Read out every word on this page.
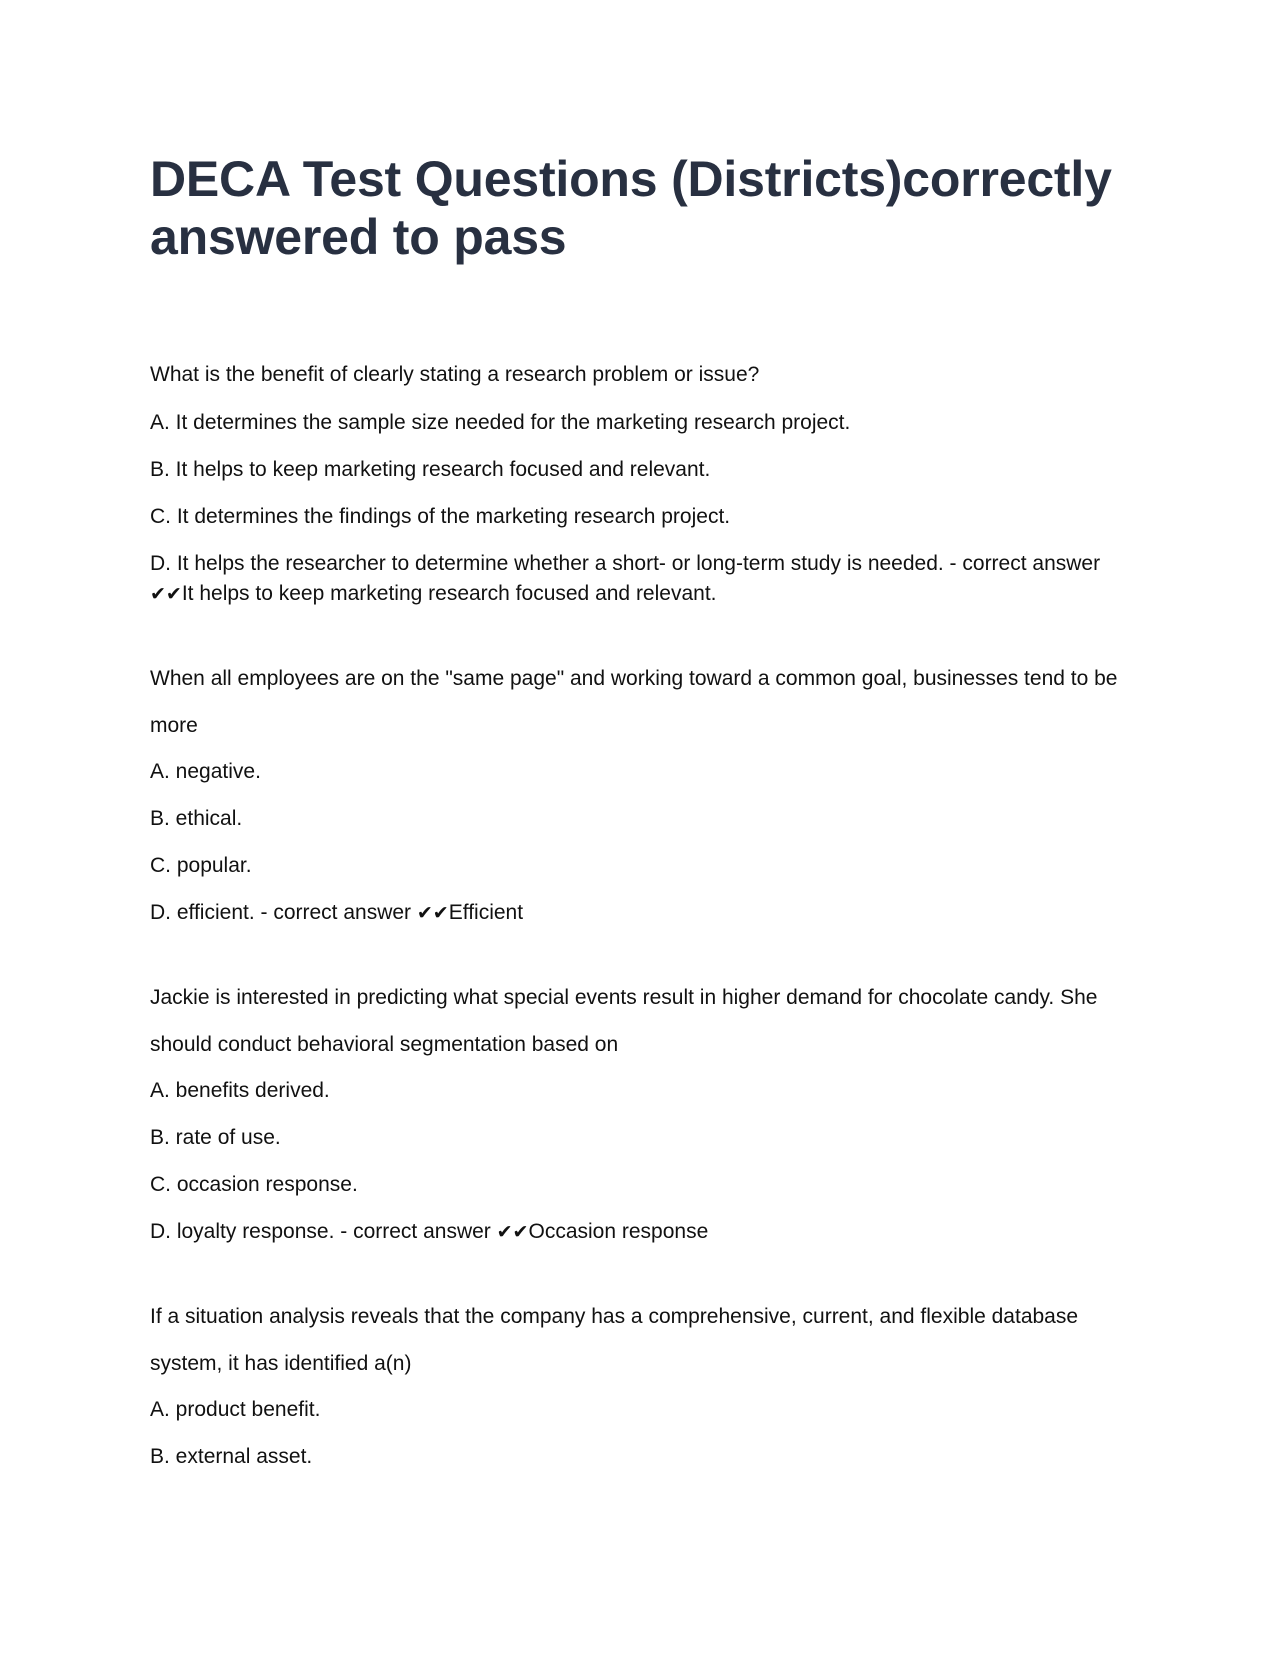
DECA Test Questions (Districts)correctly answered to pass

What is the benefit of clearly stating a research problem or issue?

A. It determines the sample size needed for the marketing research project.

B. It helps to keep marketing research focused and relevant.

C. It determines the findings of the marketing research project.

D. It helps the researcher to determine whether a short- or long-term study is needed. - correct answer ✔✔It helps to keep marketing research focused and relevant.

When all employees are on the "same page" and working toward a common goal, businesses tend to be more

A. negative.

B. ethical.

C. popular.

D. efficient. - correct answer ✔✔Efficient

Jackie is interested in predicting what special events result in higher demand for chocolate candy. She should conduct behavioral segmentation based on

A. benefits derived.

B. rate of use.

C. occasion response.

D. loyalty response. - correct answer ✔✔Occasion response

If a situation analysis reveals that the company has a comprehensive, current, and flexible database system, it has identified a(n)

A. product benefit.

B. external asset.
